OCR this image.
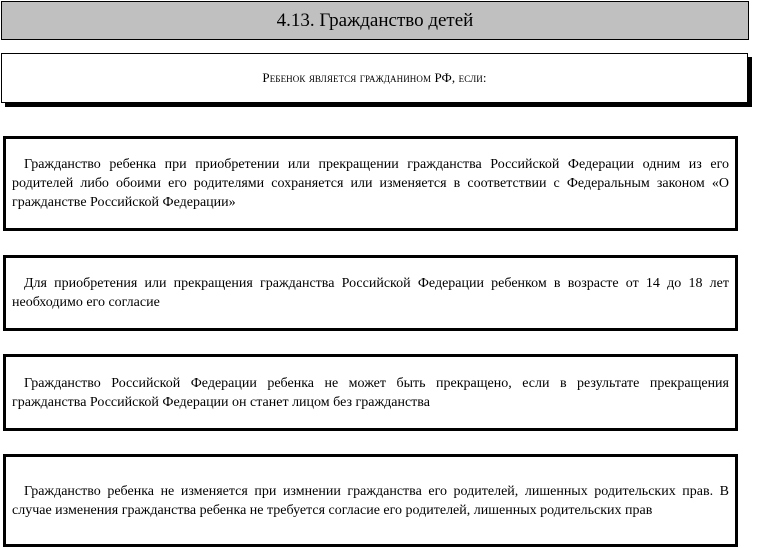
4.13. Гражданство детей
Ребенок является гражданином РФ, если:

Гражданство ребенка при приобретении или прекращении гражданства Российской Федерации одним из его родителей либо обоими его родителями сохраняется или изменяется в соответствии с Федеральным законом «О гражданстве Российской Федерации»

Для приобретения или прекращения гражданства Российской Федерации ребенком в возрасте от 14 до 18 лет необходимо его согласие

Гражданство Российской Федерации ребенка не может быть прекращено, если в результате прекращения гражданства Российской Федерации он станет лицом без гражданства

Гражданство ребенка не изменяется при измнении гражданства его родителей, лишенных родительских прав. В случае изменения гражданства ребенка не требуется согласие его родителей, лишенных родительских прав
